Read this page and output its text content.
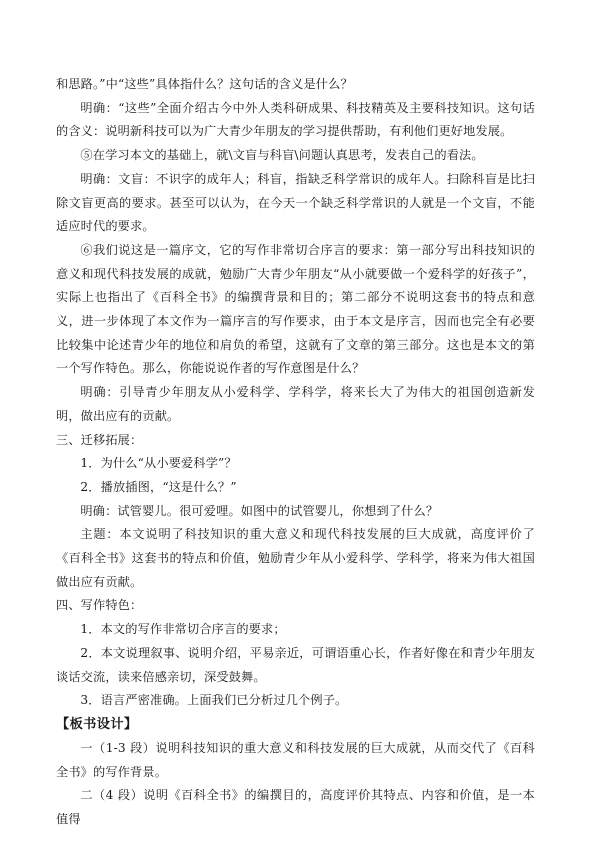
和思路。”中“这些”具体指什么？这句话的含义是什么？

明确：“这些”全面介绍古今中外人类科研成果、科技精英及主要科技知识。这句话的含义：说明新科技可以为广大青少年朋友的学习提供帮助，有利他们更好地发展。

⑤在学习本文的基础上，就\文盲与科盲\问题认真思考，发表自己的看法。

明确：文盲：不识字的成年人；科盲，指缺乏科学常识的成年人。扫除科盲是比扫除文盲更高的要求。甚至可以认为，在今天一个缺乏科学常识的人就是一个文盲，不能适应时代的要求。

⑥我们说这是一篇序文，它的写作非常切合序言的要求：第一部分写出科技知识的意义和现代科技发展的成就，勉励广大青少年朋友“从小就要做一个爱科学的好孩子”，实际上也指出了《百科全书》的编撰背景和目的；第二部分不说明这套书的特点和意义，进一步体现了本文作为一篇序言的写作要求，由于本文是序言，因而也完全有必要比较集中论述青少年的地位和肩负的希望，这就有了文章的第三部分。这也是本文的第一个写作特色。那么，你能说说作者的写作意图是什么？

明确：引导青少年朋友从小爱科学、学科学，将来长大了为伟大的祖国创造新发明，做出应有的贡献。

三、迁移拓展：

1．为什么“从小要爱科学”？

2．播放插图，“这是什么？”

明确：试管婴儿。很可爱哩。如图中的试管婴儿，你想到了什么？

主题：本文说明了科技知识的重大意义和现代科技发展的巨大成就，高度评价了《百科全书》这套书的特点和价值，勉励青少年从小爱科学、学科学，将来为伟大祖国做出应有贡献。

四、写作特色：

1．本文的写作非常切合序言的要求；

2．本文说理叙事、说明介绍，平易亲近，可谓语重心长，作者好像在和青少年朋友谈话交流，读来倍感亲切，深受鼓舞。

3．语言严密准确。上面我们已分析过几个例子。

【板书设计】

一（1-3 段）说明科技知识的重大意义和科技发展的巨大成就，从而交代了《百科全书》的写作背景。

二（4 段）说明《百科全书》的编撰目的，高度评价其特点、内容和价值，是一本值得
